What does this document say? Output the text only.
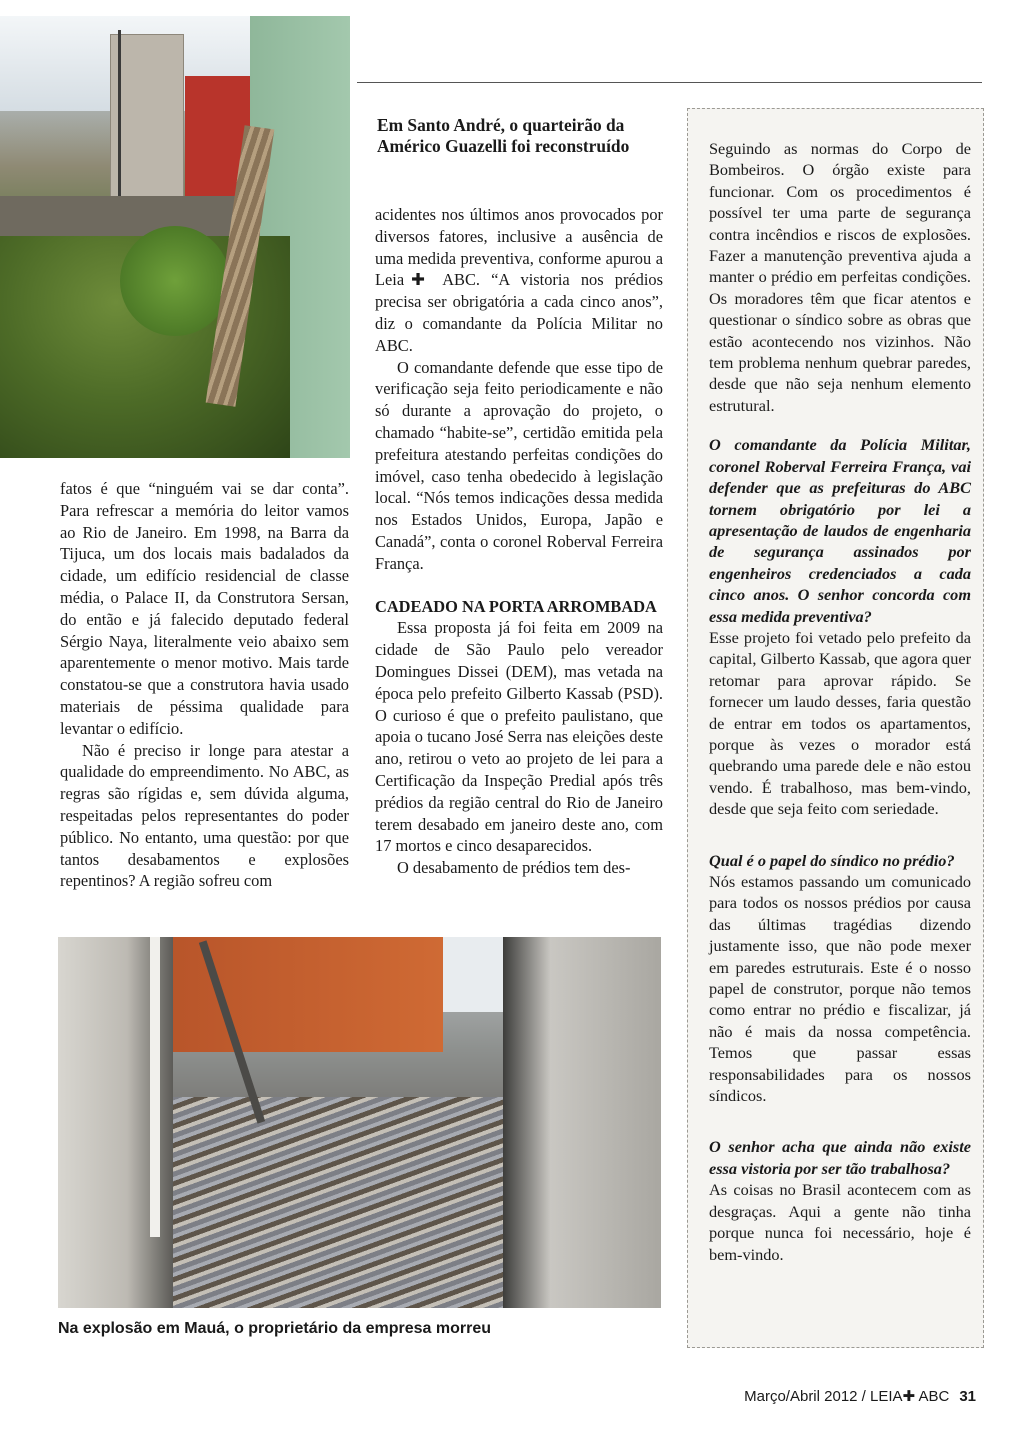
Em Santo André, o quarteirão da Américo Guazelli foi reconstruído

fatos é que “ninguém vai se dar conta”. Para refrescar a memória do leitor vamos ao Rio de Janeiro. Em 1998, na Barra da Tijuca, um dos locais mais badalados da cidade, um edifício residencial de classe média, o Palace II, da Construtora Sersan, do então e já falecido deputado federal Sérgio Naya, literalmente veio abaixo sem aparentemente o menor motivo. Mais tarde constatou-se que a construtora havia usado materiais de péssima qualidade para levantar o edifício.

Não é preciso ir longe para atestar a qualidade do empreendimento. No ABC, as regras são rígidas e, sem dúvida alguma, respeitadas pelos representantes do poder público. No entanto, uma questão: por que tantos desabamentos e explosões repentinos? A região sofreu com

acidentes nos últimos anos provocados por diversos fatores, inclusive a ausência de uma medida preventiva, conforme apurou a Leia✚ ABC. “A vistoria nos prédios precisa ser obrigatória a cada cinco anos”, diz o comandante da Polícia Militar no ABC.

O comandante defende que esse tipo de verificação seja feito periodicamente e não só durante a aprovação do projeto, o chamado “habite-se”, certidão emitida pela prefeitura atestando perfeitas condições do imóvel, caso tenha obedecido à legislação local. “Nós temos indicações dessa medida nos Estados Unidos, Europa, Japão e Canadá”, conta o coronel Roberval Ferreira França.

CADEADO NA PORTA ARROMBADA

Essa proposta já foi feita em 2009 na cidade de São Paulo pelo vereador Domingues Dissei (DEM), mas vetada na época pelo prefeito Gilberto Kassab (PSD). O curioso é que o prefeito paulistano, que apoia o tucano José Serra nas eleições deste ano, retirou o veto ao projeto de lei para a Certificação da Inspeção Predial após três prédios da região central do Rio de Janeiro terem desabado em janeiro deste ano, com 17 mortos e cinco desaparecidos.

O desabamento de prédios tem des-

Seguindo as normas do Corpo de Bombeiros. O órgão existe para funcionar. Com os procedimentos é possível ter uma parte de segurança contra incêndios e riscos de explosões. Fazer a manutenção preventiva ajuda a manter o prédio em perfeitas condições. Os moradores têm que ficar atentos e questionar o síndico sobre as obras que estão acontecendo nos vizinhos. Não tem problema nenhum quebrar paredes, desde que não seja nenhum elemento estrutural.

O comandante da Polícia Militar, coronel Roberval Ferreira França, vai defender que as prefeituras do ABC tornem obrigatório por lei a apresentação de laudos de engenharia de segurança assinados por engenheiros credenciados a cada cinco anos. O senhor concorda com essa medida preventiva?

Esse projeto foi vetado pelo prefeito da capital, Gilberto Kassab, que agora quer retomar para aprovar rápido. Se fornecer um laudo desses, faria questão de entrar em todos os apartamentos, porque às vezes o morador está quebrando uma parede dele e não estou vendo. É trabalhoso, mas bem-vindo, desde que seja feito com seriedade.

Qual é o papel do síndico no prédio?

Nós estamos passando um comunicado para todos os nossos prédios por causa das últimas tragédias dizendo justamente isso, que não pode mexer em paredes estruturais. Este é o nosso papel de construtor, porque não temos como entrar no prédio e fiscalizar, já não é mais da nossa competência. Temos que passar essas responsabilidades para os nossos síndicos.

O senhor acha que ainda não existe essa vistoria por ser tão trabalhosa?

As coisas no Brasil acontecem com as desgraças. Aqui a gente não tinha porque nunca foi necessário, hoje é bem-vindo.

Na explosão em Mauá, o proprietário da empresa morreu
Março/Abril 2012 / LEIA✚ ABC 31
